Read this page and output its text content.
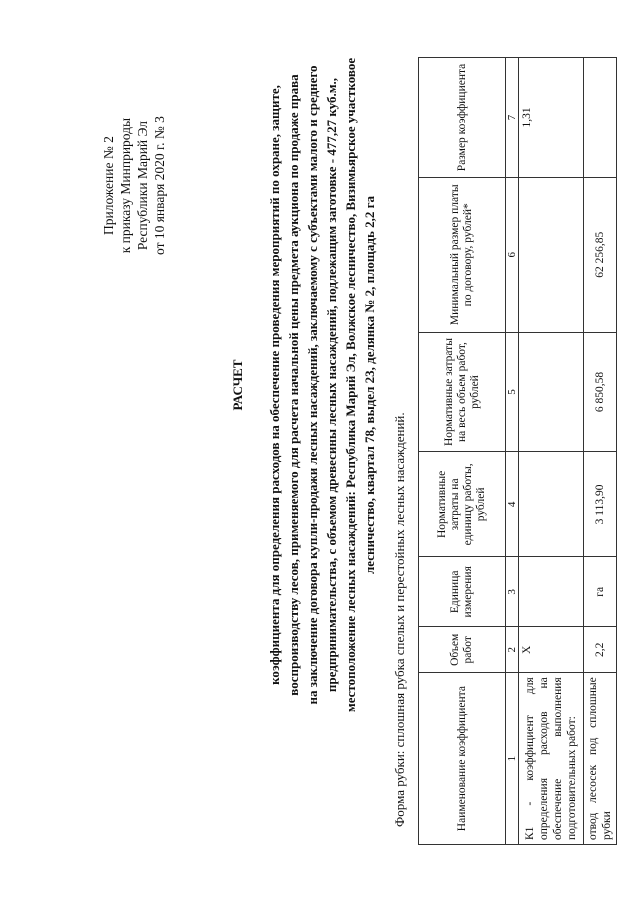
Приложение № 2 к приказу Минприроды Республики Марий Эл от 10 января 2020 г. № 3
РАСЧЕТ коэффициента для определения расходов на обеспечение проведения мероприятий по охране, защите, воспроизводству лесов, применяемого для расчета начальной цены предмета аукциона по продаже права на заключение договора купли-продажи лесных насаждений, заключаемому с субъектами малого и среднего предпринимательства, с объемом древесины лесных насаждений, подлежащим заготовке - 477,27 куб.м., местоположение лесных насаждений: Республика Марий Эл, Волжское лесничество, Визимьярское участковое лесничество, квартал 78, выдел 23, делянка № 2, площадь 2,2 га
Форма рубки: сплошная рубка спелых и перестойных лесных насаждений.	Наименование коэффициента	Объем работ	Единица измерения	Нормативные затраты на единицу работы, рублей	Нормативные затраты на весь объем работ, рублей	Минимальный размер платы по договору, рублей*	Размер коэффициента
1	2	3	4	5	6	7
К1 - коэффициент для определения расходов на обеспечение выполнения подготовительных работ:	Х					1,31
отвод лесосек под сплошные рубки	2,2	га	3 113,90	6 850,58	62 256,85	
